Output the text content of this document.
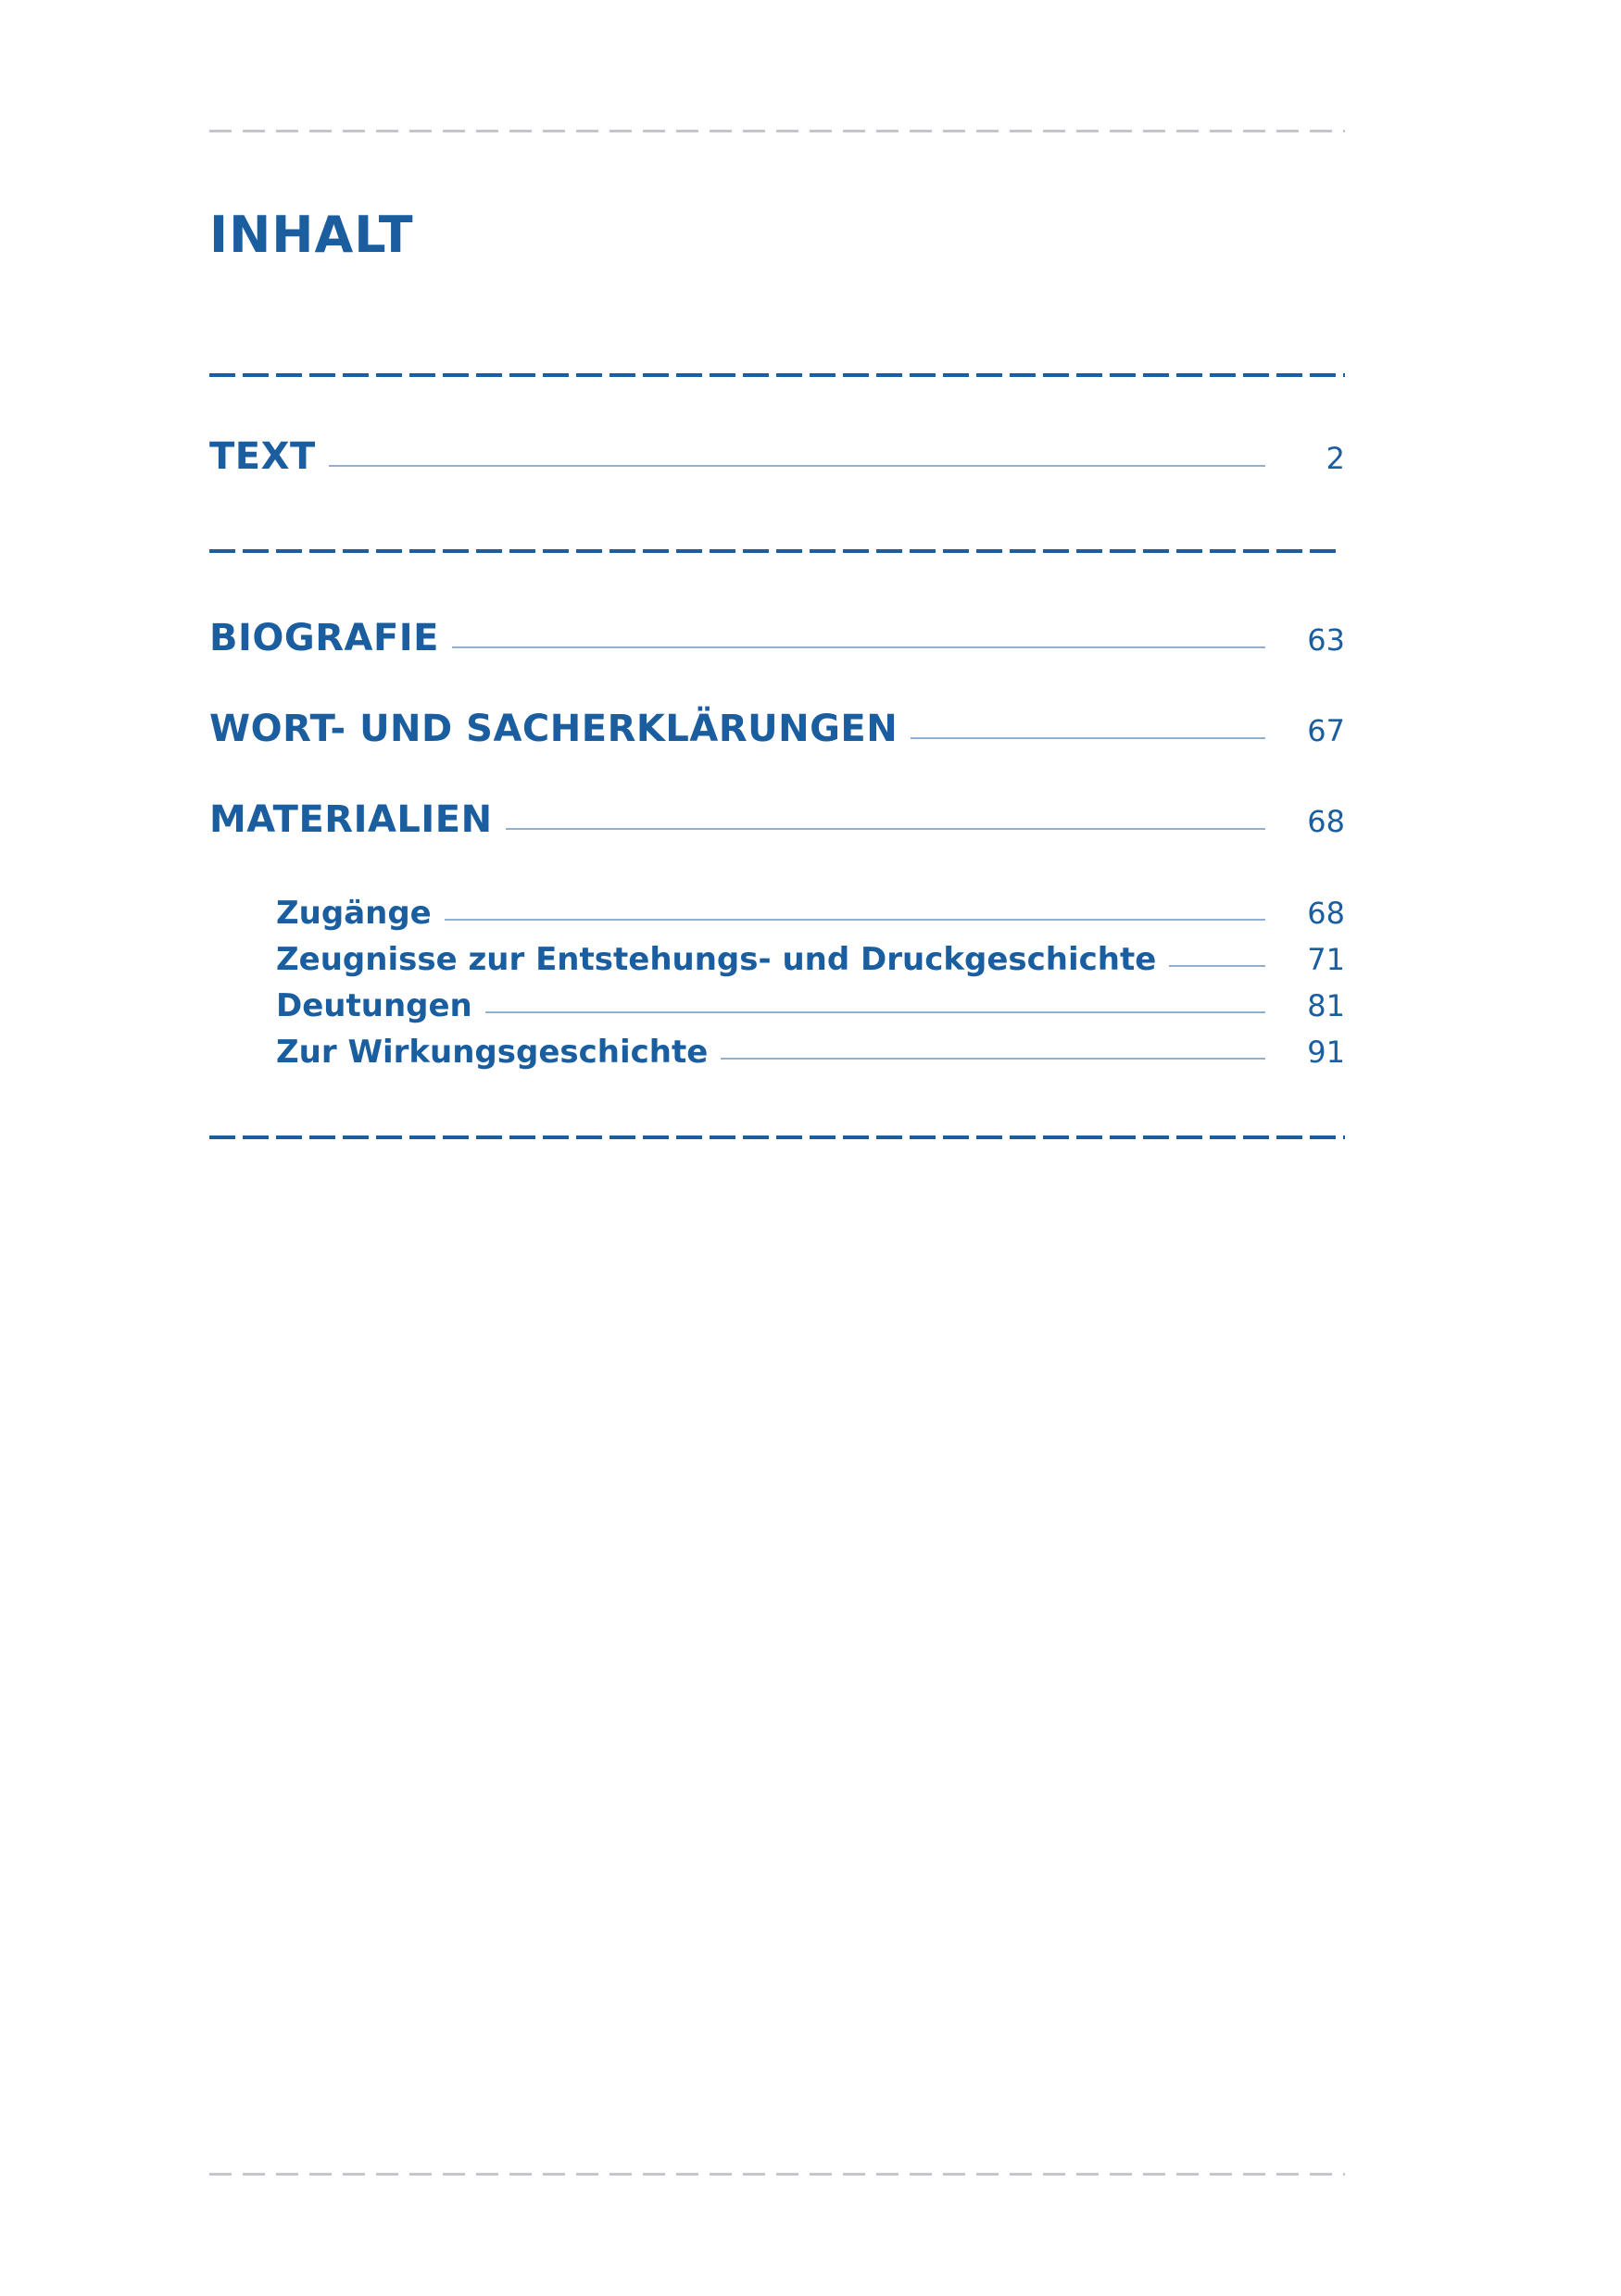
INHALT
TEXT	2
BIOGRAFIE	63
WORT- UND SACHERKLÄRUNGEN	67
MATERIALIEN	68
Zugänge	68
Zeugnisse zur Entstehungs- und Druckgeschichte	71
Deutungen	81
Zur Wirkungsgeschichte	91
